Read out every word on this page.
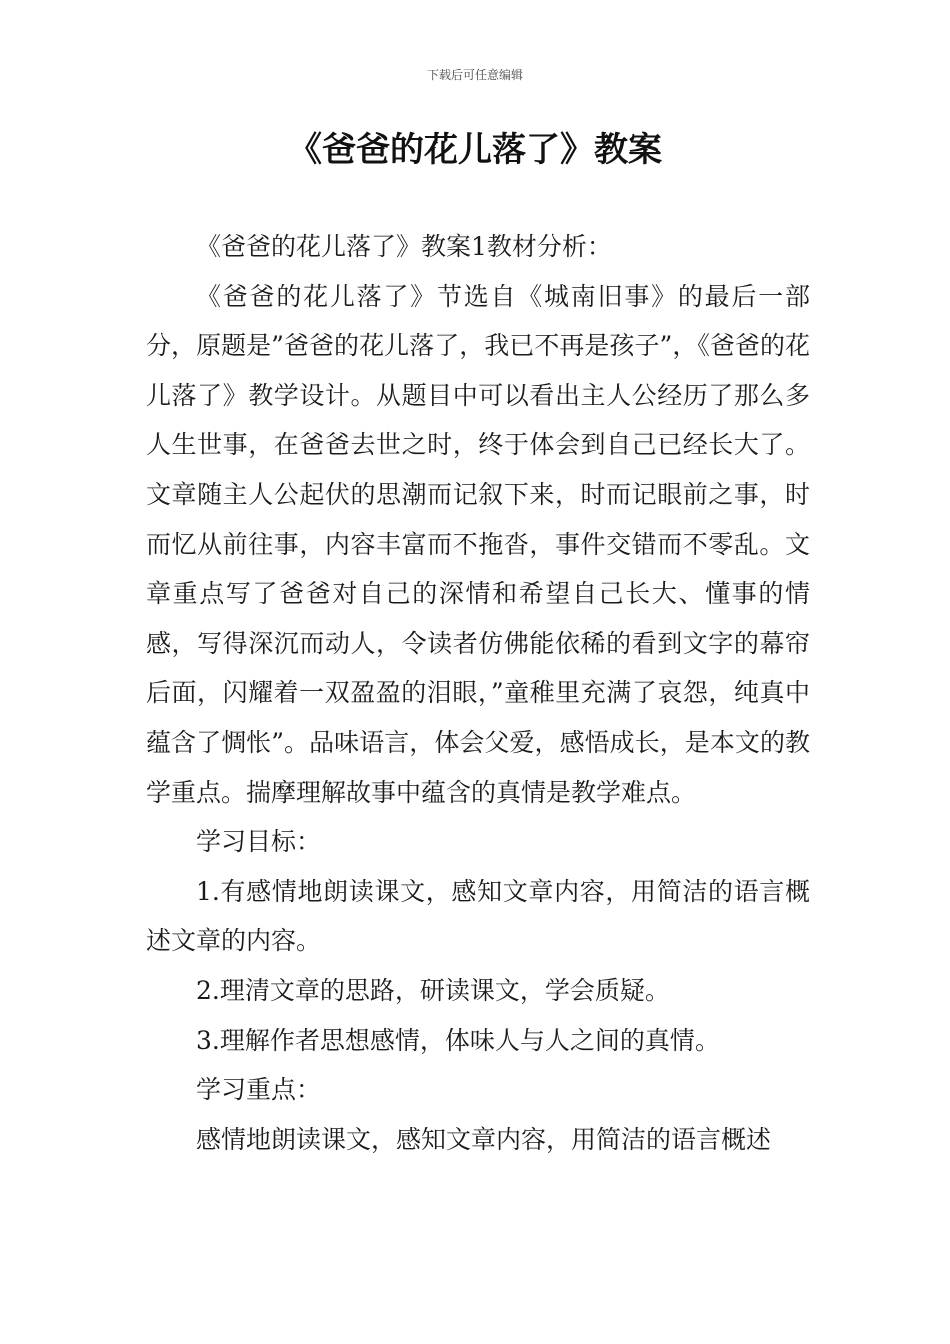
下载后可任意编辑
《爸爸的花儿落了》教案

《爸爸的花儿落了》教案1教材分析：

《爸爸的花儿落了》节选自《城南旧事》的最后一部分，原题是”爸爸的花儿落了，我已不再是孩子”，《爸爸的花儿落了》教学设计。从题目中可以看出主人公经历了那么多人生世事，在爸爸去世之时，终于体会到自己已经长大了。文章随主人公起伏的思潮而记叙下来，时而记眼前之事，时而忆从前往事，内容丰富而不拖沓，事件交错而不零乱。文章重点写了爸爸对自己的深情和希望自己长大、懂事的情感，写得深沉而动人，令读者仿佛能依稀的看到文字的幕帘后面，闪耀着一双盈盈的泪眼，”童稚里充满了哀怨，纯真中蕴含了惆怅”。品味语言，体会父爱，感悟成长，是本文的教学重点。揣摩理解故事中蕴含的真情是教学难点。

学习目标：

1.有感情地朗读课文，感知文章内容，用简洁的语言概述文章的内容。

2.理清文章的思路，研读课文，学会质疑。

3.理解作者思想感情，体味人与人之间的真情。

学习重点：

感情地朗读课文，感知文章内容，用简洁的语言概述
